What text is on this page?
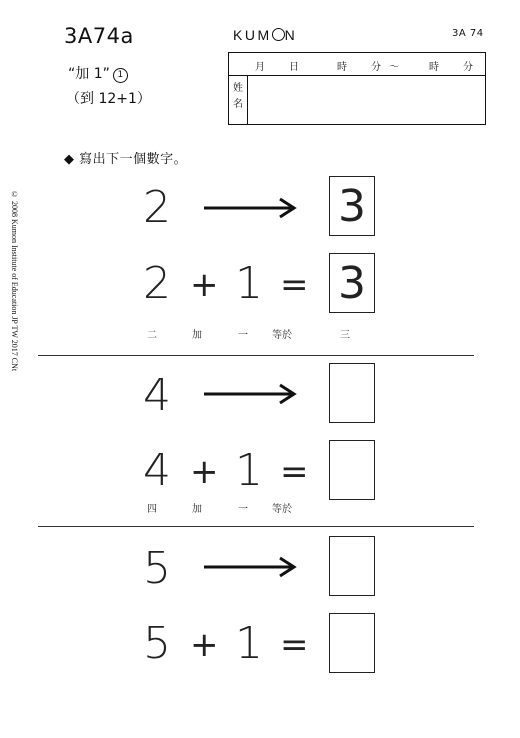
3A74a	KUM N	3A 74
“加 1” 1
（到 12+1）
月 日	時 分 〜	時 分
姓
名
◆ 寫出下一個數字。
© 2008 Kumon Institute of Education JP TW 2017 CNt	2	3
2 + 1 = 3
二	加	一 等於	三
4
4 + 1 =
四	加	一 等於
5
5 + 1 =
